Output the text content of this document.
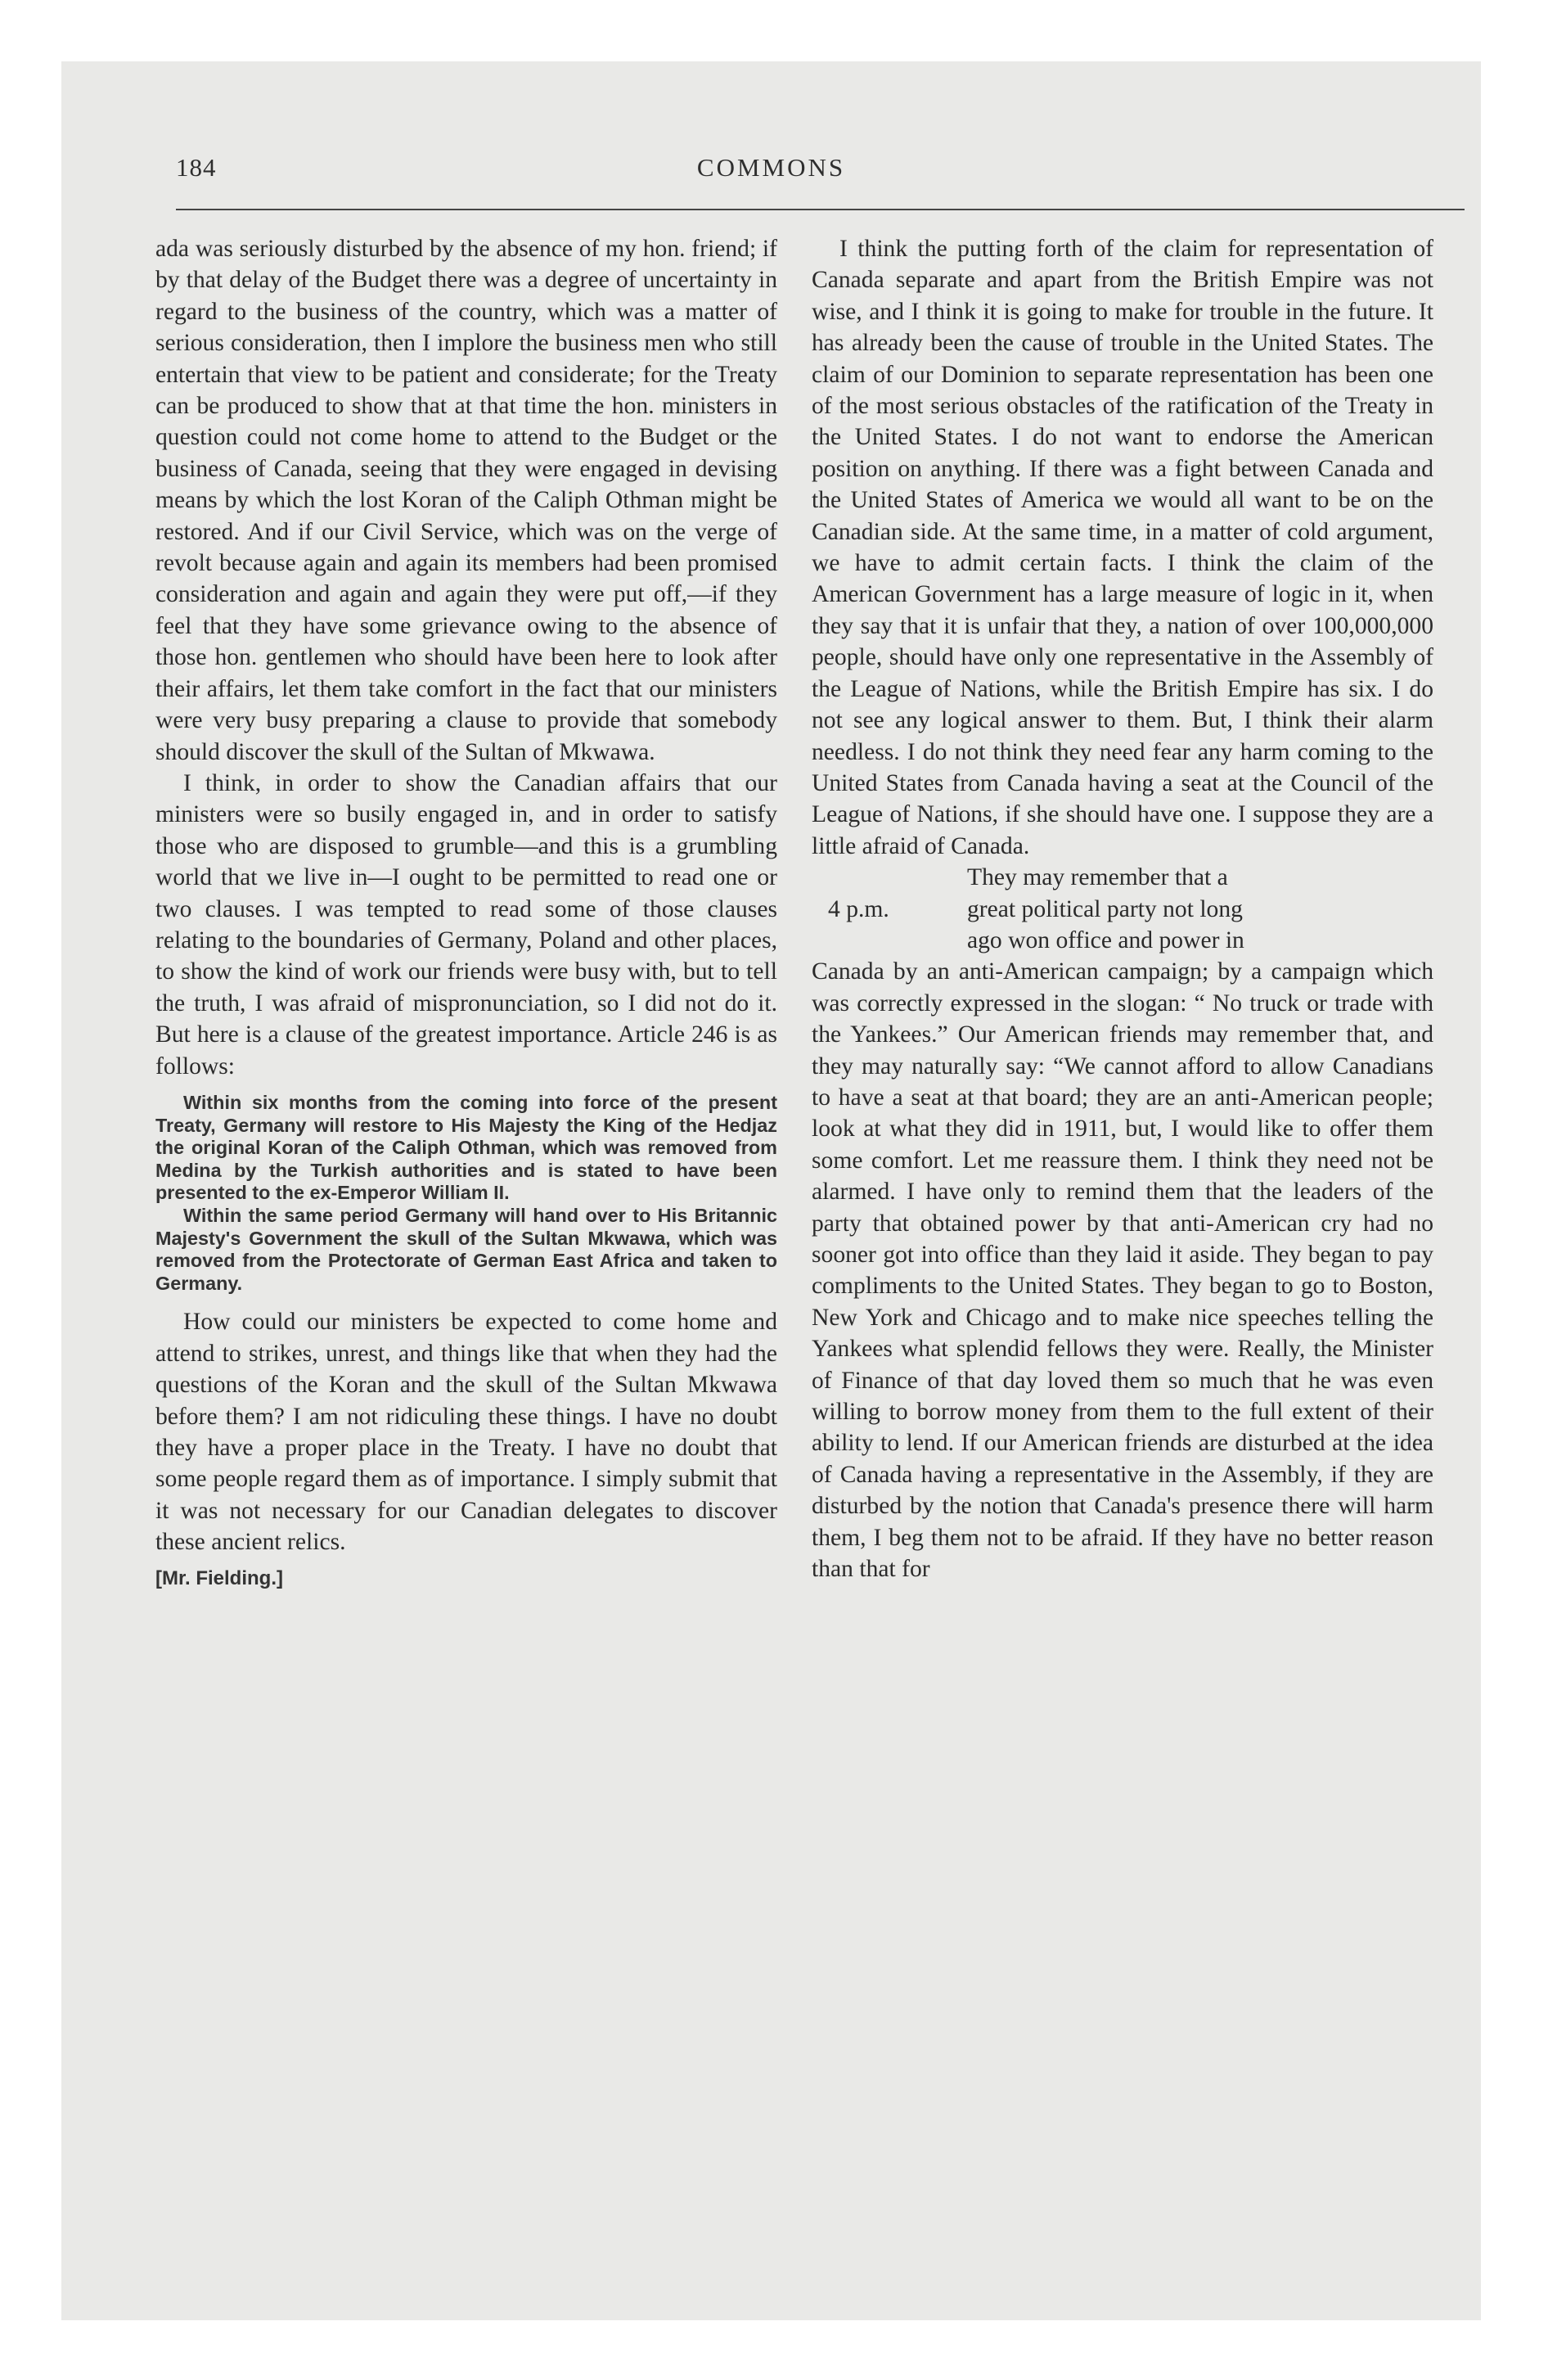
184	COMMONS

ada was seriously disturbed by the absence of my hon. friend; if by that delay of the Budget there was a degree of uncertainty in regard to the business of the country, which was a matter of serious consideration, then I implore the business men who still entertain that view to be patient and considerate; for the Treaty can be produced to show that at that time the hon. ministers in question could not come home to attend to the Budget or the business of Canada, seeing that they were engaged in devising means by which the lost Koran of the Caliph Othman might be restored. And if our Civil Service, which was on the verge of revolt because again and again its members had been promised consideration and again and again they were put off,—if they feel that they have some grievance owing to the absence of those hon. gentlemen who should have been here to look after their affairs, let them take comfort in the fact that our ministers were very busy preparing a clause to provide that somebody should discover the skull of the Sultan of Mkwawa.

I think, in order to show the Canadian affairs that our ministers were so busily engaged in, and in order to satisfy those who are disposed to grumble—and this is a grumbling world that we live in—I ought to be permitted to read one or two clauses. I was tempted to read some of those clauses relating to the boundaries of Germany, Poland and other places, to show the kind of work our friends were busy with, but to tell the truth, I was afraid of mispronunciation, so I did not do it. But here is a clause of the greatest importance. Article 246 is as follows:

Within six months from the coming into force of the present Treaty, Germany will restore to His Majesty the King of the Hedjaz the original Koran of the Caliph Othman, which was removed from Medina by the Turkish authorities and is stated to have been presented to the ex-Emperor William II.

Within the same period Germany will hand over to His Britannic Majesty's Government the skull of the Sultan Mkwawa, which was removed from the Protectorate of German East Africa and taken to Germany.

How could our ministers be expected to come home and attend to strikes, unrest, and things like that when they had the questions of the Koran and the skull of the Sultan Mkwawa before them? I am not ridiculing these things. I have no doubt they have a proper place in the Treaty. I have no doubt that some people regard them as of importance. I simply submit that it was not necessary for our Canadian delegates to discover these ancient relics.

[Mr. Fielding.]

I think the putting forth of the claim for representation of Canada separate and apart from the British Empire was not wise, and I think it is going to make for trouble in the future. It has already been the cause of trouble in the United States. The claim of our Dominion to separate representation has been one of the most serious obstacles of the ratification of the Treaty in the United States. I do not want to endorse the American position on anything. If there was a fight between Canada and the United States of America we would all want to be on the Canadian side. At the same time, in a matter of cold argument, we have to admit certain facts. I think the claim of the American Government has a large measure of logic in it, when they say that it is unfair that they, a nation of over 100,000,000 people, should have only one representative in the Assembly of the League of Nations, while the British Empire has six. I do not see any logical answer to them. But, I think their alarm needless. I do not think they need fear any harm coming to the United States from Canada having a seat at the Council of the League of Nations, if she should have one. I suppose they are a little afraid of Canada.

They may remember that a
4 p.m.	great political party not long
ago won office and power in

Canada by an anti-American campaign; by a campaign which was correctly expressed in the slogan: “ No truck or trade with the Yankees.” Our American friends may remember that, and they may naturally say: “We cannot afford to allow Canadians to have a seat at that board; they are an anti-American people; look at what they did in 1911, but, I would like to offer them some comfort. Let me reassure them. I think they need not be alarmed. I have only to remind them that the leaders of the party that obtained power by that anti-American cry had no sooner got into office than they laid it aside. They began to pay compliments to the United States. They began to go to Boston, New York and Chicago and to make nice speeches telling the Yankees what splendid fellows they were. Really, the Minister of Finance of that day loved them so much that he was even willing to borrow money from them to the full extent of their ability to lend. If our American friends are disturbed at the idea of Canada having a representative in the Assembly, if they are disturbed by the notion that Canada's presence there will harm them, I beg them not to be afraid. If they have no better reason than that for
